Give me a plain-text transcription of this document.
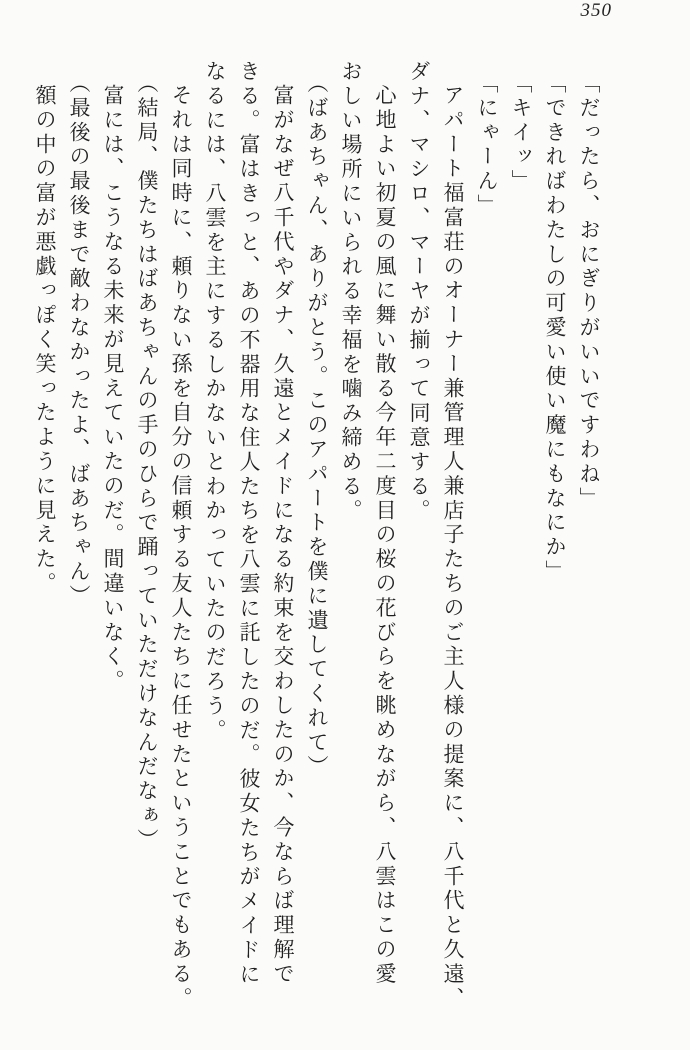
350

「だったら、おにぎりがいいですわね」

「できればわたしの可愛い使い魔にもなにか」

「キイッ」

「にゃーん」

アパート福富荘のオーナー兼管理人兼店子たちのご主人様の提案に、八千代と久遠、

ダナ、マシロ、マーヤが揃って同意する。

心地よい初夏の風に舞い散る今年二度目の桜の花びらを眺めながら、八雲はこの愛

おしい場所にいられる幸福を噛み締める。

（ばあちゃん、ありがとう。このアパートを僕に遺してくれて）

富がなぜ八千代やダナ、久遠とメイドになる約束を交わしたのか、今ならば理解で

きる。富はきっと、あの不器用な住人たちを八雲に託したのだ。彼女たちがメイドに

なるには、八雲を主にするしかないとわかっていたのだろう。

それは同時に、頼りない孫を自分の信頼する友人たちに任せたということでもある。

（結局、僕たちはばあちゃんの手のひらで踊っていただけなんだなぁ）

富には、こうなる未来が見えていたのだ。間違いなく。

（最後の最後まで敵わなかったよ、ばあちゃん）

額の中の富が悪戯っぽく笑ったように見えた。
